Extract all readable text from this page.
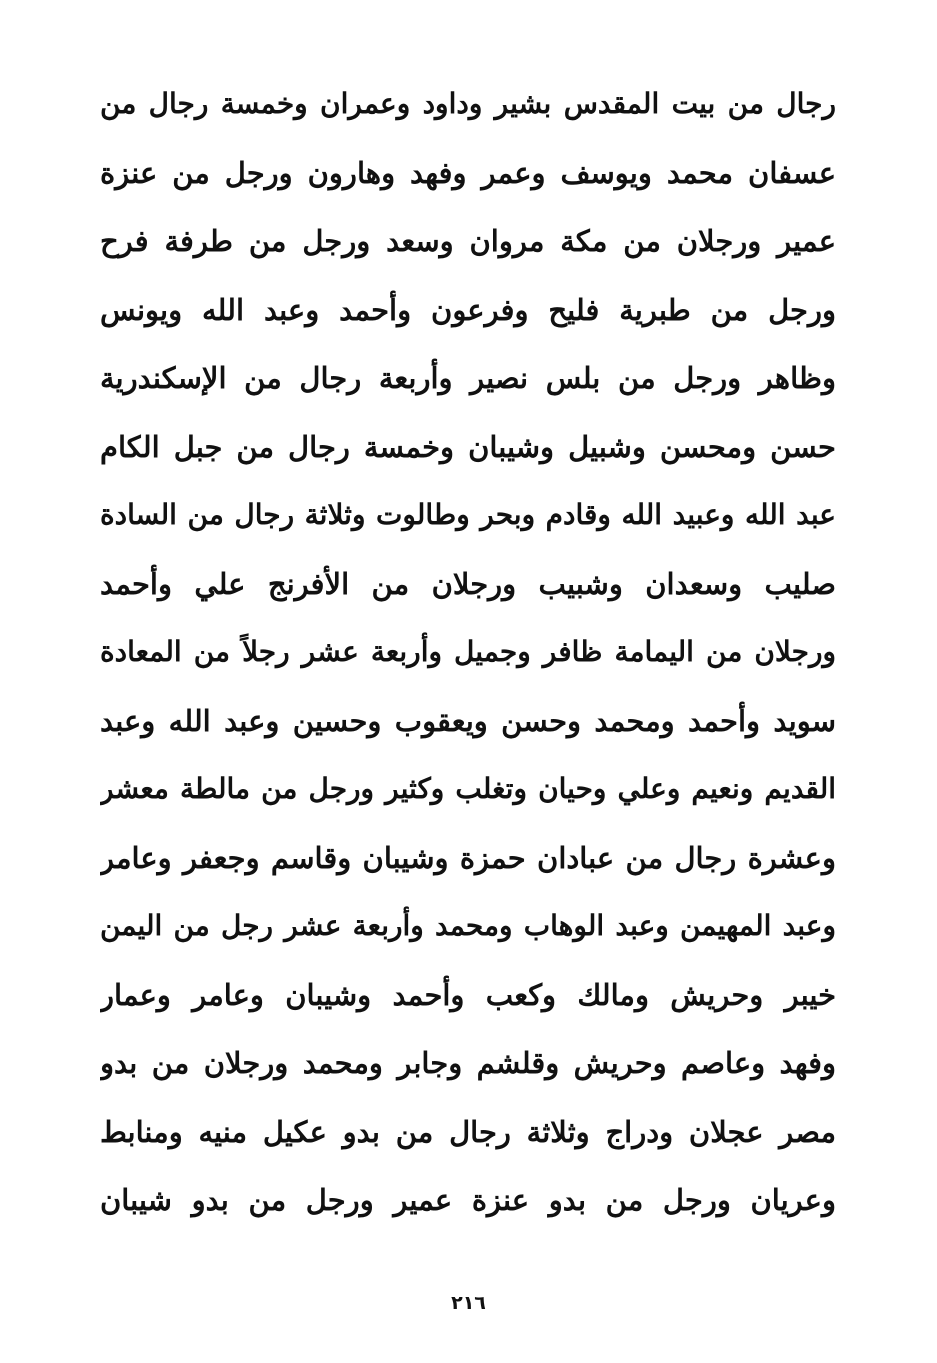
رجال من بيت المقدس بشير وداود وعمران وخمسة رجال من
عسفان محمد ويوسف وعمر وفهد وهارون ورجل من عنزة
عمير ورجلان من مكة مروان وسعد ورجل من طرفة فرح
ورجل من طبرية فليح وفرعون وأحمد وعبد الله ويونس
وظاهر ورجل من بلس نصير وأربعة رجال من الإسكندرية
حسن ومحسن وشبيل وشيبان وخمسة رجال من جبل الكام
عبد الله وعبيد الله وقادم وبحر وطالوت وثلاثة رجال من السادة
صليب وسعدان وشبيب ورجلان من الأفرنج علي وأحمد
ورجلان من اليمامة ظافر وجميل وأربعة عشر رجلاً من المعادة
سويد وأحمد ومحمد وحسن ويعقوب وحسين وعبد الله وعبد
القديم ونعيم وعلي وحيان وتغلب وكثير ورجل من مالطة معشر
وعشرة رجال من عبادان حمزة وشيبان وقاسم وجعفر وعامر
وعبد المهيمن وعبد الوهاب ومحمد وأربعة عشر رجل من اليمن
خيبر وحريش ومالك وكعب وأحمد وشيبان وعامر وعمار
وفهد وعاصم وحريش وقلشم وجابر ومحمد ورجلان من بدو
مصر عجلان ودراج وثلاثة رجال من بدو عكيل منيه ومنابط
وعريان ورجل من بدو عنزة عمير ورجل من بدو شيبان
٢١٦
